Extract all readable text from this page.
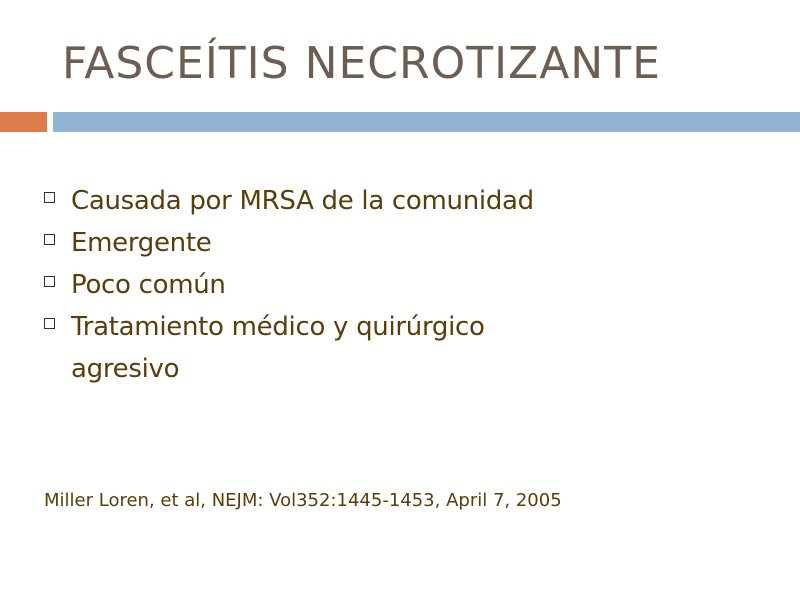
FASCEÍTIS NECROTIZANTE
Causada por MRSA de la comunidad
Emergente
Poco común
Tratamiento médico y quirúrgico agresivo
Miller Loren, et al, NEJM: Vol352:1445-1453, April 7, 2005
